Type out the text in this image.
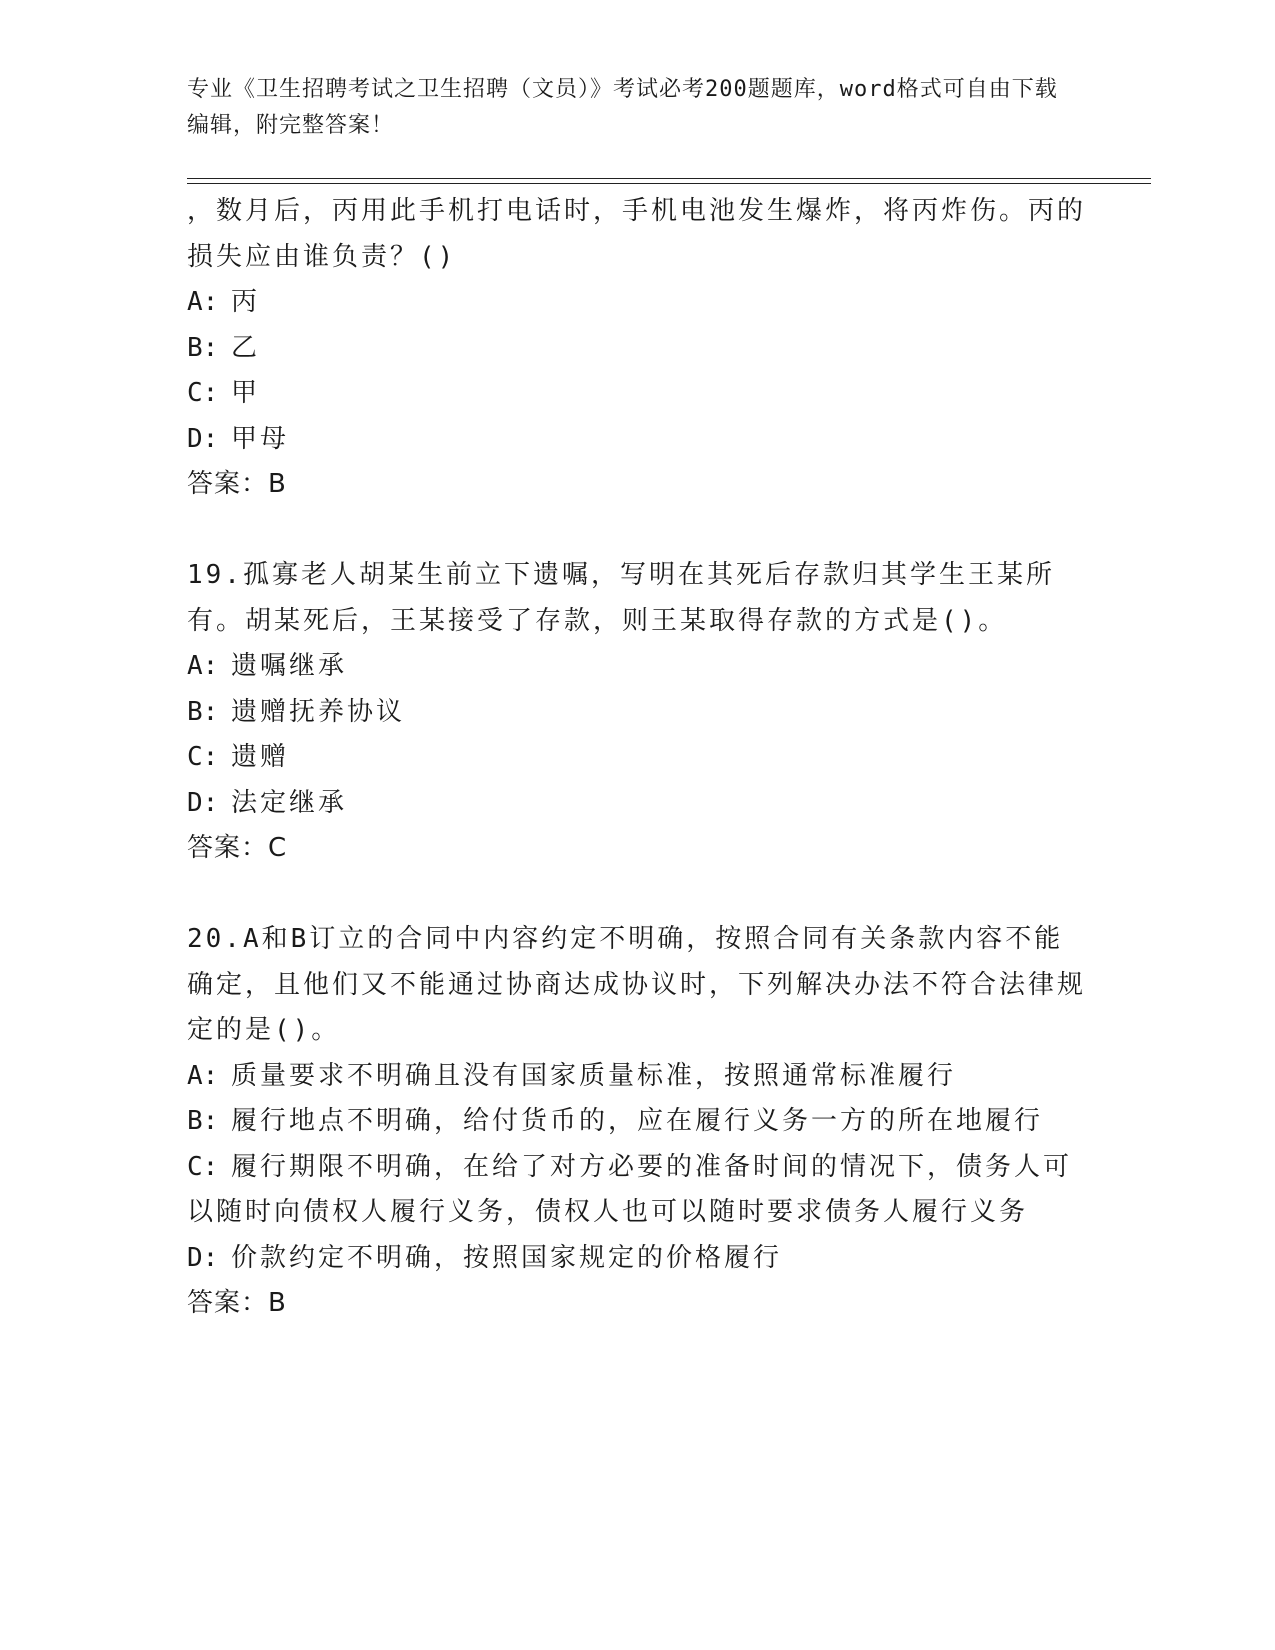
专业《卫生招聘考试之卫生招聘（文员）》考试必考200题题库，word格式可自由下载编辑，附完整答案！

，数月后，丙用此手机打电话时，手机电池发生爆炸，将丙炸伤。丙的损失应由谁负责？()

A: 丙

B: 乙

C: 甲

D: 甲母

答案：B

19.孤寡老人胡某生前立下遗嘱，写明在其死后存款归其学生王某所有。胡某死后，王某接受了存款，则王某取得存款的方式是()。

A: 遗嘱继承

B: 遗赠抚养协议

C: 遗赠

D: 法定继承

答案：C

20.A和B订立的合同中内容约定不明确，按照合同有关条款内容不能确定，且他们又不能通过协商达成协议时，下列解决办法不符合法律规定的是()。

A: 质量要求不明确且没有国家质量标准，按照通常标准履行

B: 履行地点不明确，给付货币的，应在履行义务一方的所在地履行

C: 履行期限不明确，在给了对方必要的准备时间的情况下，债务人可以随时向债权人履行义务，债权人也可以随时要求债务人履行义务

D: 价款约定不明确，按照国家规定的价格履行

答案：B
